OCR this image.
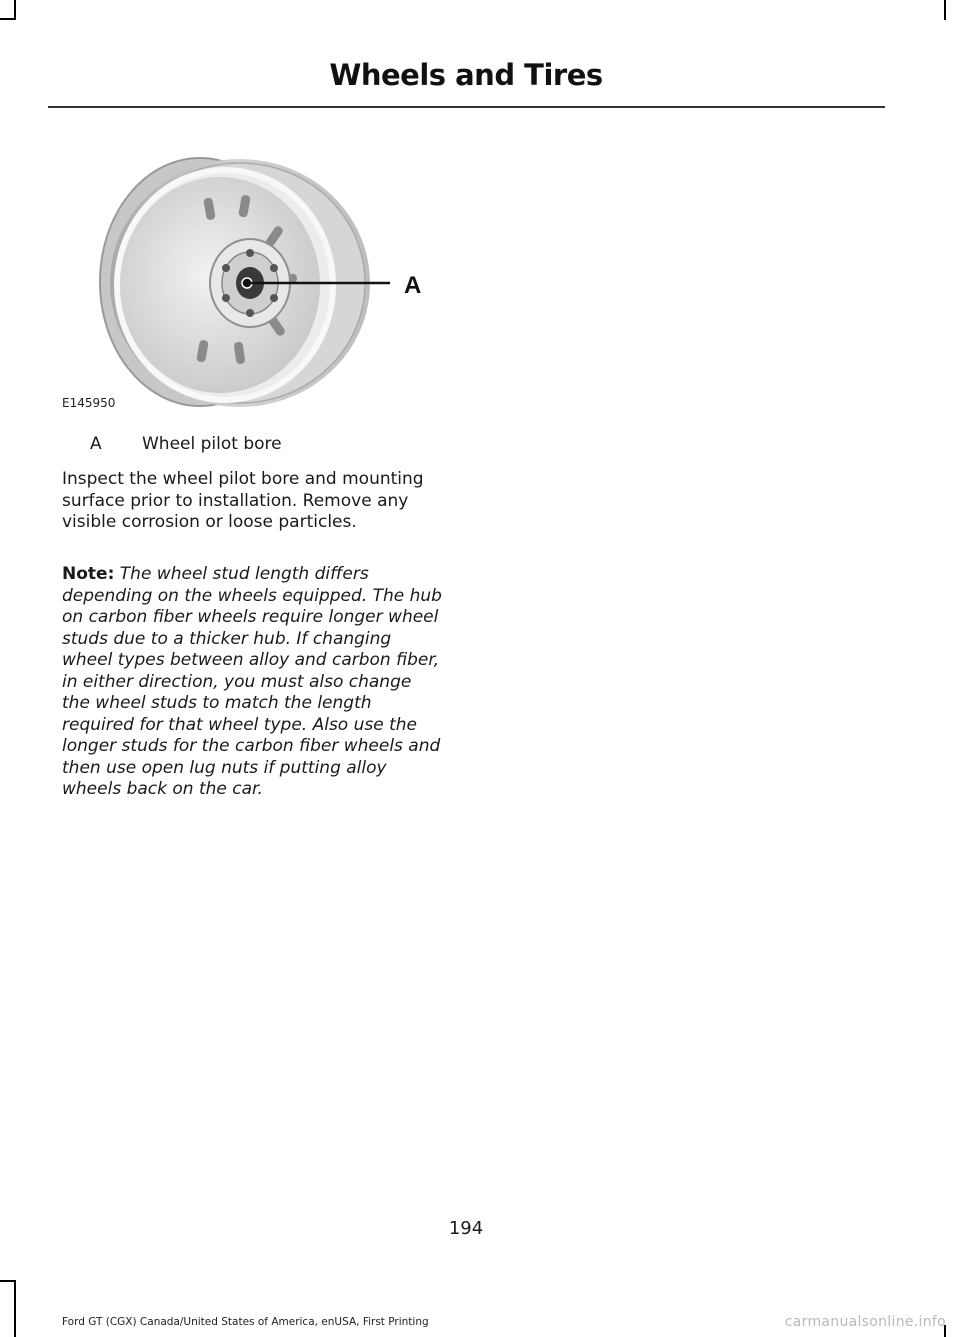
Wheels and Tires
A
E145950
A Wheel pilot bore

Inspect the wheel pilot bore and mounting surface prior to installation. Remove any visible corrosion or loose particles.

Note: The wheel stud length differs depending on the wheels equipped. The hub on carbon fiber wheels require longer wheel studs due to a thicker hub. If changing wheel types between alloy and carbon fiber, in either direction, you must also change the wheel studs to match the length required for that wheel type. Also use the longer studs for the carbon fiber wheels and then use open lug nuts if putting alloy wheels back on the car.

194
Ford GT (CGX) Canada/United States of America, enUSA, First Printing	carmanualsonline.info
